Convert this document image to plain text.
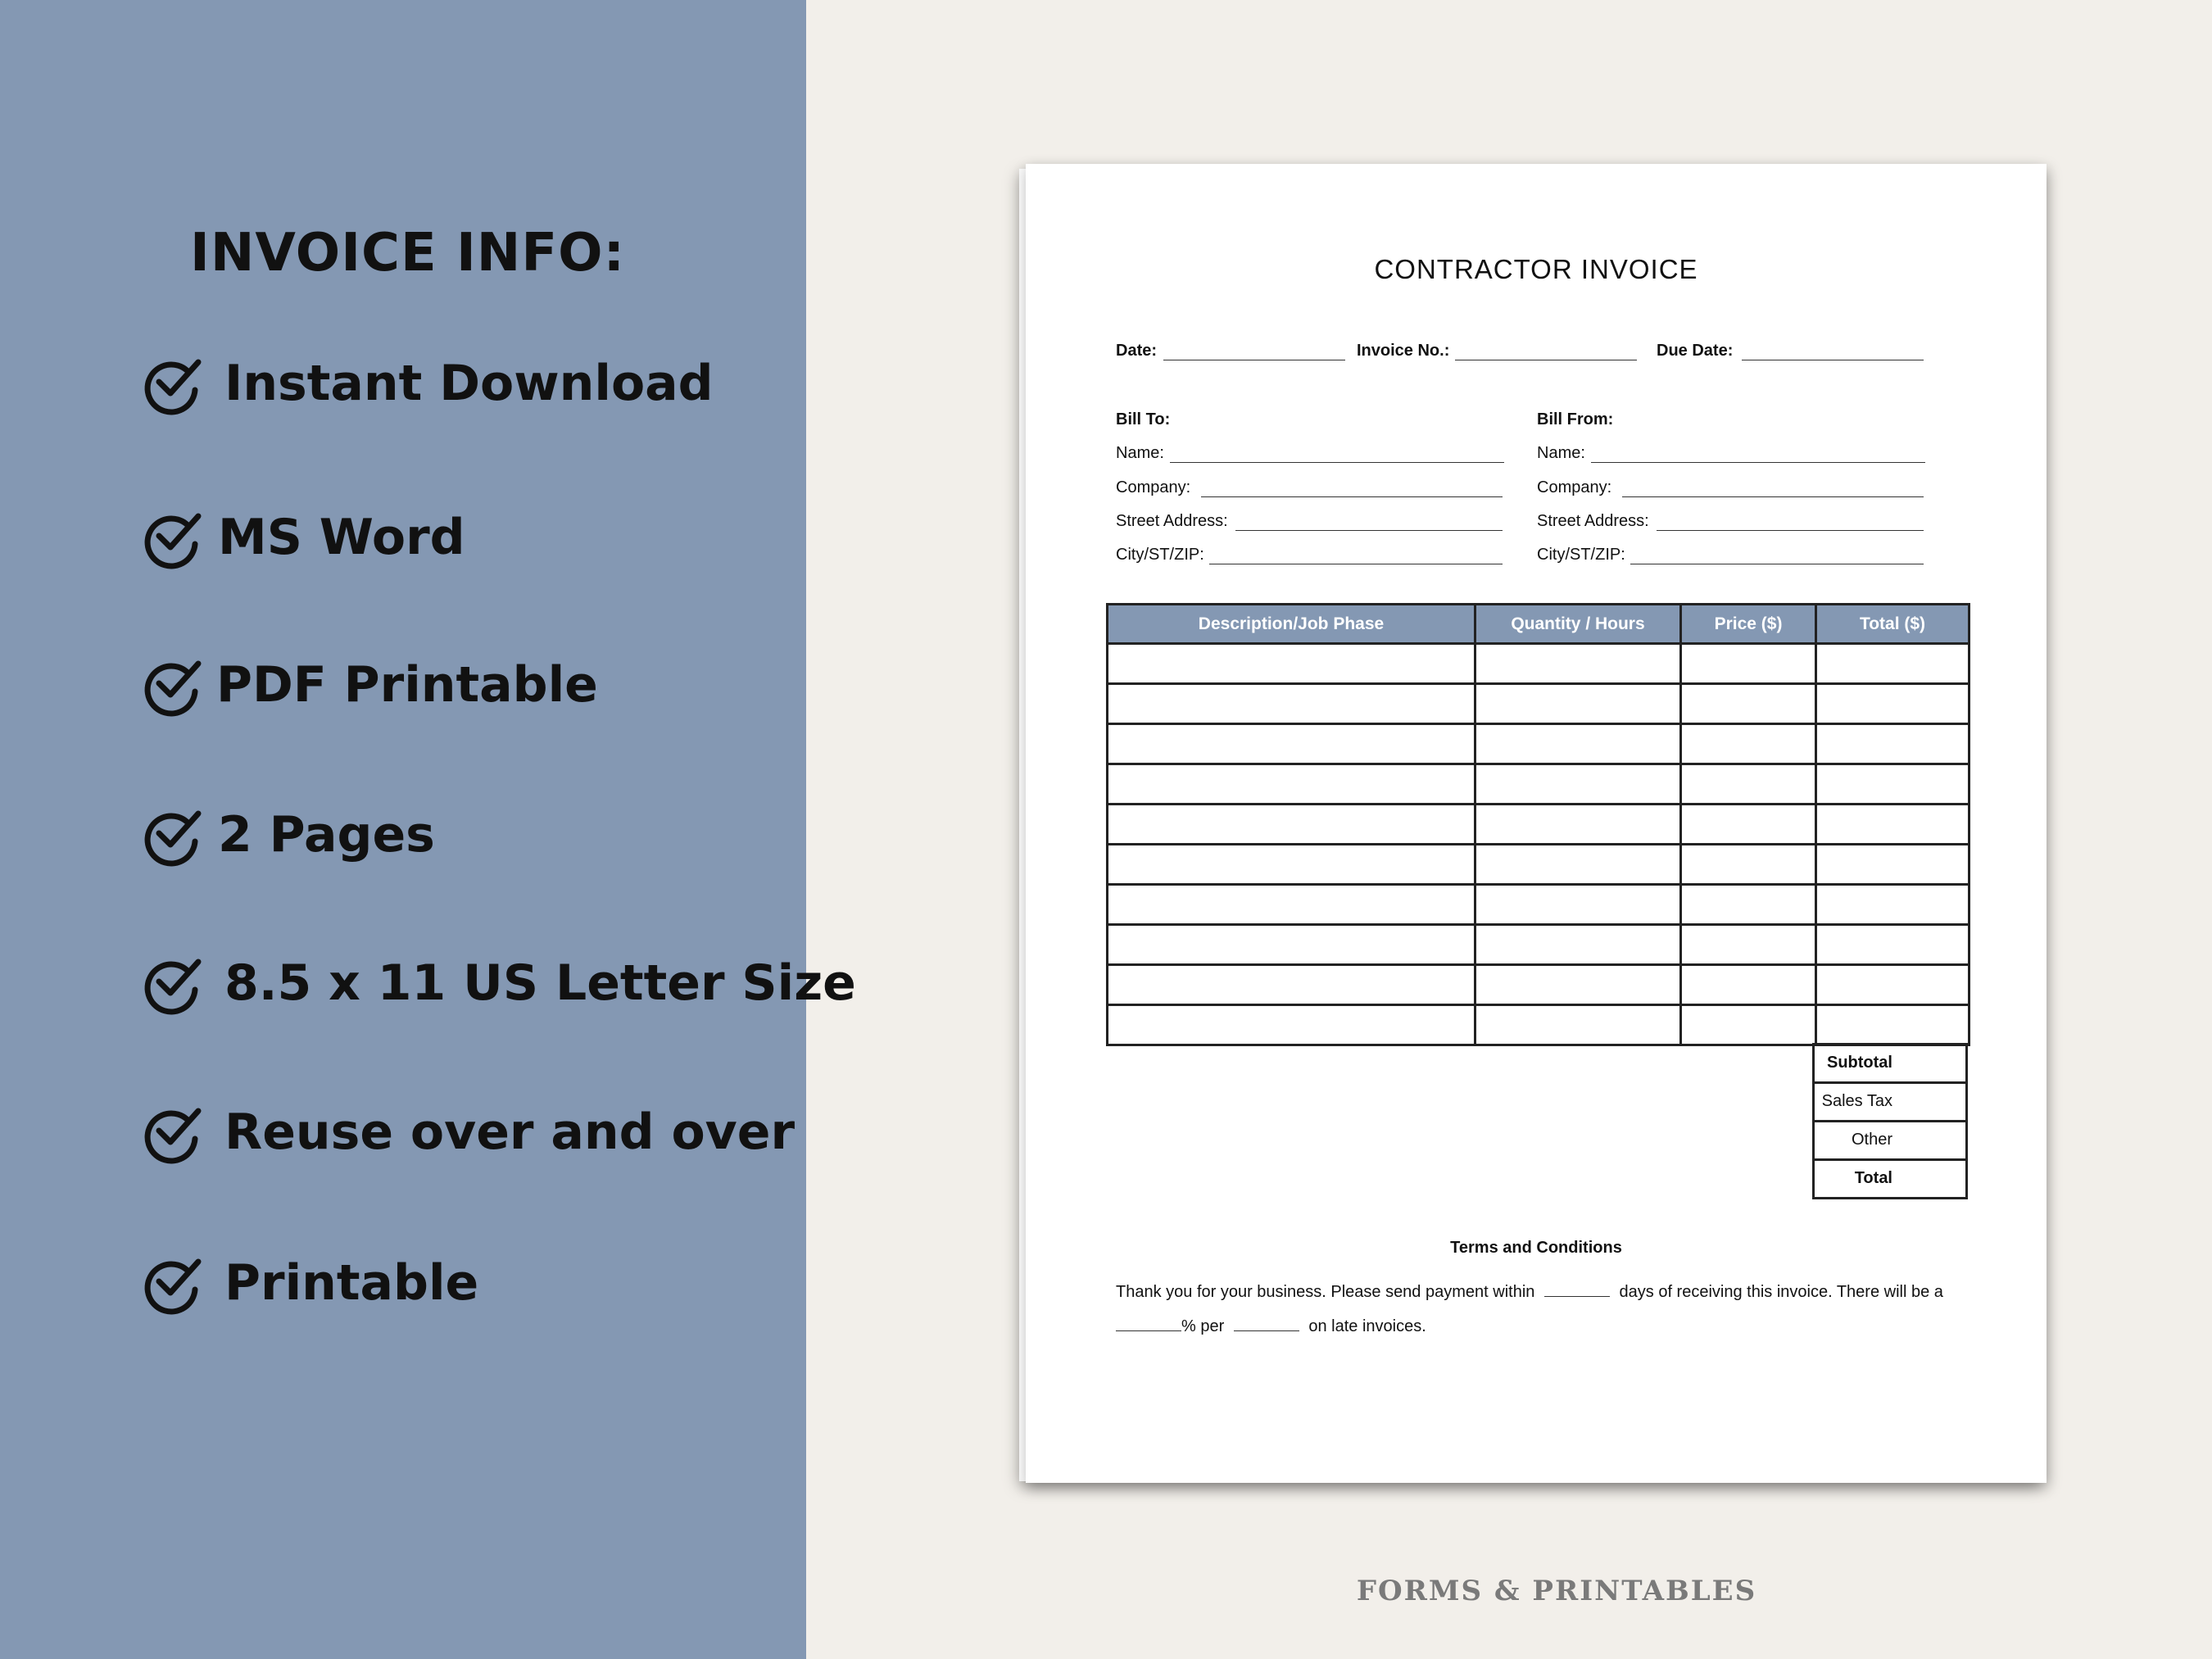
INVOICE INFO:
Instant Download
MS Word
PDF Printable
2 Pages
8.5 x 11 US Letter Size
Reuse over and over
Printable
CONTRACTOR INVOICE
Date:	Invoice No.:	Due Date:
Bill To:
Name:
Company:
Street Address:
City/ST/ZIP:
Bill From:
Name:
Company:
Street Address:
City/ST/ZIP:
Description/Job Phase	Quantity / Hours	Price ($)	Total ($)

Subtotal
Sales Tax
Other
Total

Terms and Conditions
Thank you for your business. Please send payment within	days of receiving this invoice. There will be a
% per	on late invoices.
FORMS & PRINTABLES
